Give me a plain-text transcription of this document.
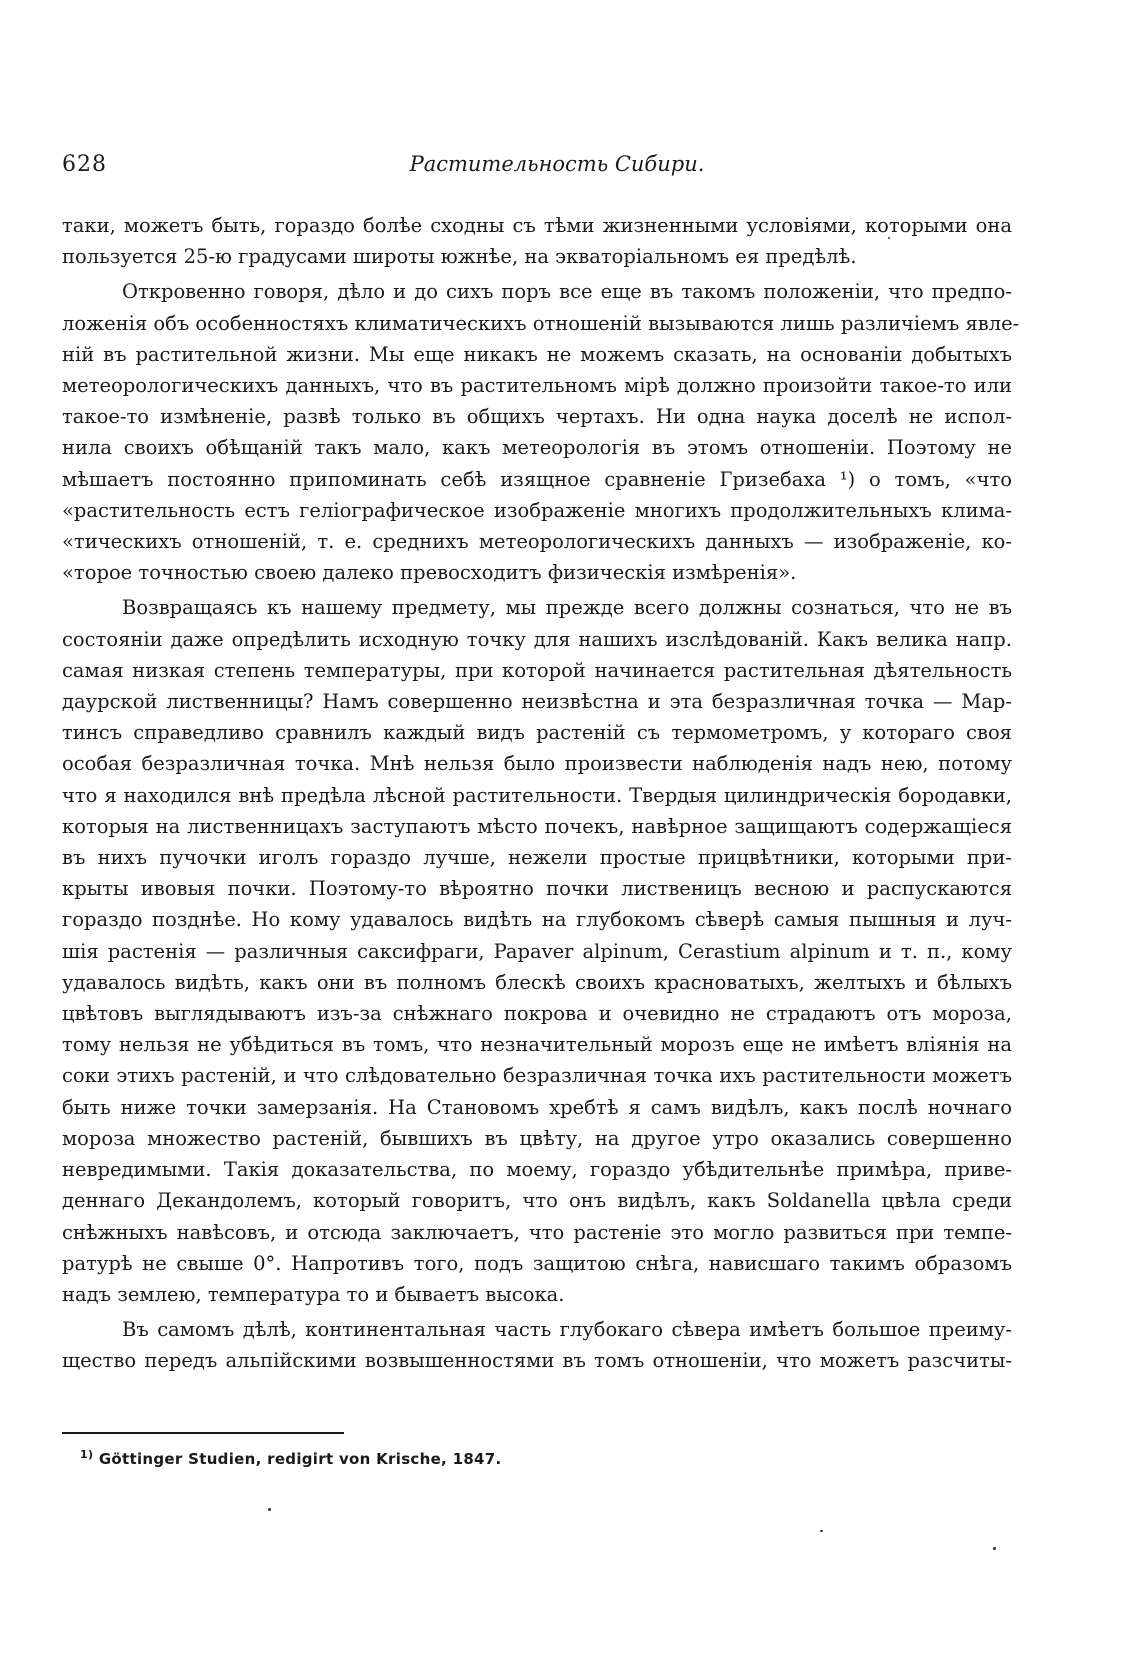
628	Растительность Сибири.
таки, можетъ быть, гораздо болѣе сходны съ тѣми жизненными условіями, которыми она
пользуется 25-ю градусами широты южнѣе, на экваторіальномъ ея предѣлѣ.
Откровенно говоря, дѣло и до сихъ поръ все еще въ такомъ положеніи, что предпо-
ложенія объ особенностяхъ климатическихъ отношеній вызываются лишь различіемъ явле-
ній въ растительной жизни. Мы еще никакъ не можемъ сказать, на основаніи добытыхъ
метеорологическихъ данныхъ, что въ растительномъ мірѣ должно произойти такое-то или
такое-то измѣненіе, развѣ только въ общихъ чертахъ. Ни одна наука доселѣ не испол-
нила своихъ обѣщаній такъ мало, какъ метеорологія въ этомъ отношеніи. Поэтому не
мѣшаетъ постоянно припоминать себѣ изящное сравненіе Гризебаха ¹) о томъ, «что
«растительность естъ геліографическое изображеніе многихъ продолжительныхъ клима-
«тическихъ отношеній, т. е. среднихъ метеорологическихъ данныхъ — изображеніе, ко-
«торое точностью своею далеко превосходитъ физическія измѣренія».
Возвращаясь къ нашему предмету, мы прежде всего должны сознаться, что не въ
состояніи даже опредѣлить исходную точку для нашихъ изслѣдованій. Какъ велика напр.
самая низкая степень температуры, при которой начинается растительная дѣятельность
даурской лиственницы? Намъ совершенно неизвѣстна и эта безразличная точка — Мар-
тинсъ справедливо сравнилъ каждый видъ растеній съ термометромъ, у котораго своя
особая безразличная точка. Мнѣ нельзя было произвести наблюденія надъ нею, потому
что я находился внѣ предѣла лѣсной растительности. Твердыя цилиндрическія бородавки,
которыя на лиственницахъ заступаютъ мѣсто почекъ, навѣрное защищаютъ содержащіеся
въ нихъ пучочки иголъ гораздо лучше, нежели простые прицвѣтники, которыми при-
крыты ивовыя почки. Поэтому-то вѣроятно почки лиственицъ весною и распускаются
гораздо позднѣе. Но кому удавалось видѣть на глубокомъ сѣверѣ самыя пышныя и луч-
шія растенія — различныя саксифраги, Papaver alpinum, Cerastium alpinum и т. п., кому
удавалось видѣть, какъ они въ полномъ блескѣ своихъ красноватыхъ, желтыхъ и бѣлыхъ
цвѣтовъ выглядываютъ изъ-за снѣжнаго покрова и очевидно не страдаютъ отъ мороза,
тому нельзя не убѣдиться въ томъ, что незначительный морозъ еще не имѣетъ вліянія на
соки этихъ растеній, и что слѣдовательно безразличная точка ихъ растительности можетъ
быть ниже точки замерзанія. На Становомъ хребтѣ я самъ видѣлъ, какъ послѣ ночнаго
мороза множество растеній, бывшихъ въ цвѣту, на другое утро оказались совершенно
невредимыми. Такія доказательства, по моему, гораздо убѣдительнѣе примѣра, приве-
деннаго Декандолемъ, который говоритъ, что онъ видѣлъ, какъ Soldanella цвѣла среди
снѣжныхъ навѣсовъ, и отсюда заключаетъ, что растеніе это могло развиться при темпе-
ратурѣ не свыше 0°. Напротивъ того, подъ защитою снѣга, нависшаго такимъ образомъ
надъ землею, температура то и бываетъ высока.
Въ самомъ дѣлѣ, континентальная часть глубокаго сѣвера имѣетъ большое преиму-
щество передъ альпійскими возвышенностями въ томъ отношеніи, что можетъ разсчиты-
$^{1)}$ Göttinger Studien, redigirt von Krische, 1847.
